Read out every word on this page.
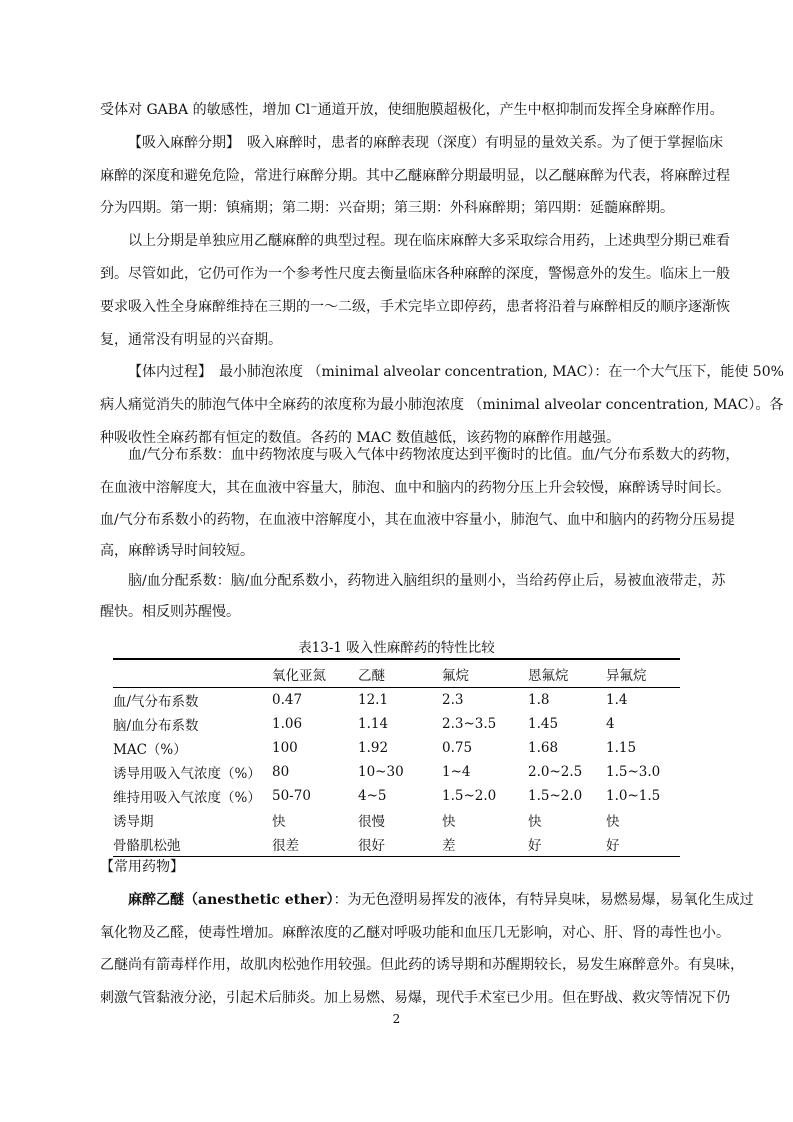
受体对 GABA 的敏感性，增加 Cl⁻通道开放，使细胞膜超极化，产生中枢抑制而发挥全身麻醉作用。
【吸入麻醉分期】　吸入麻醉时，患者的麻醉表现（深度）有明显的量效关系。为了便于掌握临床
麻醉的深度和避免危险，常进行麻醉分期。其中乙醚麻醉分期最明显，以乙醚麻醉为代表，将麻醉过程
分为四期。第一期：镇痛期；第二期：兴奋期；第三期：外科麻醉期；第四期：延髓麻醉期。
以上分期是单独应用乙醚麻醉的典型过程。现在临床麻醉大多采取综合用药，上述典型分期已难看
到。尽管如此，它仍可作为一个参考性尺度去衡量临床各种麻醉的深度，警惕意外的发生。临床上一般
要求吸入性全身麻醉维持在三期的一～二级，手术完毕立即停药，患者将沿着与麻醉相反的顺序逐渐恢
复，通常没有明显的兴奋期。
【体内过程】　最小肺泡浓度 （minimal alveolar concentration, MAC）：在一个大气压下，能使 50%
病人痛觉消失的肺泡气体中全麻药的浓度称为最小肺泡浓度 （minimal alveolar concentration, MAC）。各
种吸收性全麻药都有恒定的数值。各药的 MAC 数值越低，该药物的麻醉作用越强。
血/气分布系数：血中药物浓度与吸入气体中药物浓度达到平衡时的比值。血/气分布系数大的药物，
在血液中溶解度大，其在血液中容量大，肺泡、血中和脑内的药物分压上升会较慢，麻醉诱导时间长。
血/气分布系数小的药物，在血液中溶解度小，其在血液中容量小，肺泡气、血中和脑内的药物分压易提
高，麻醉诱导时间较短。
脑/血分配系数：脑/血分配系数小，药物进入脑组织的量则小，当给药停止后，易被血液带走，苏
醒快。相反则苏醒慢。
表13-1 吸入性麻醉药的特性比较
	氧化亚氮	乙醚	氟烷	恩氟烷	异氟烷
血/气分布系数	0.47	12.1	2.3	1.8	1.4
脑/血分布系数	1.06	1.14	2.3~3.5	1.45	4
MAC（%）	100	1.92	0.75	1.68	1.15
诱导用吸入气浓度（%）	80	10~30	1~4	2.0~2.5	1.5~3.0
维持用吸入气浓度（%）	50-70	4~5	1.5~2.0	1.5~2.0	1.0~1.5
诱导期	快	很慢	快	快	快
骨骼肌松弛	很差	很好	差	好	好
【常用药物】
麻醉乙醚（anesthetic ether）：为无色澄明易挥发的液体，有特异臭味，易燃易爆，易氧化生成过
氧化物及乙醛，使毒性增加。麻醉浓度的乙醚对呼吸功能和血压几无影响，对心、肝、肾的毒性也小。
乙醚尚有箭毒样作用，故肌肉松弛作用较强。但此药的诱导期和苏醒期较长，易发生麻醉意外。有臭味，
刺激气管黏液分泌，引起术后肺炎。加上易燃、易爆，现代手术室已少用。但在野战、救灾等情况下仍
2
